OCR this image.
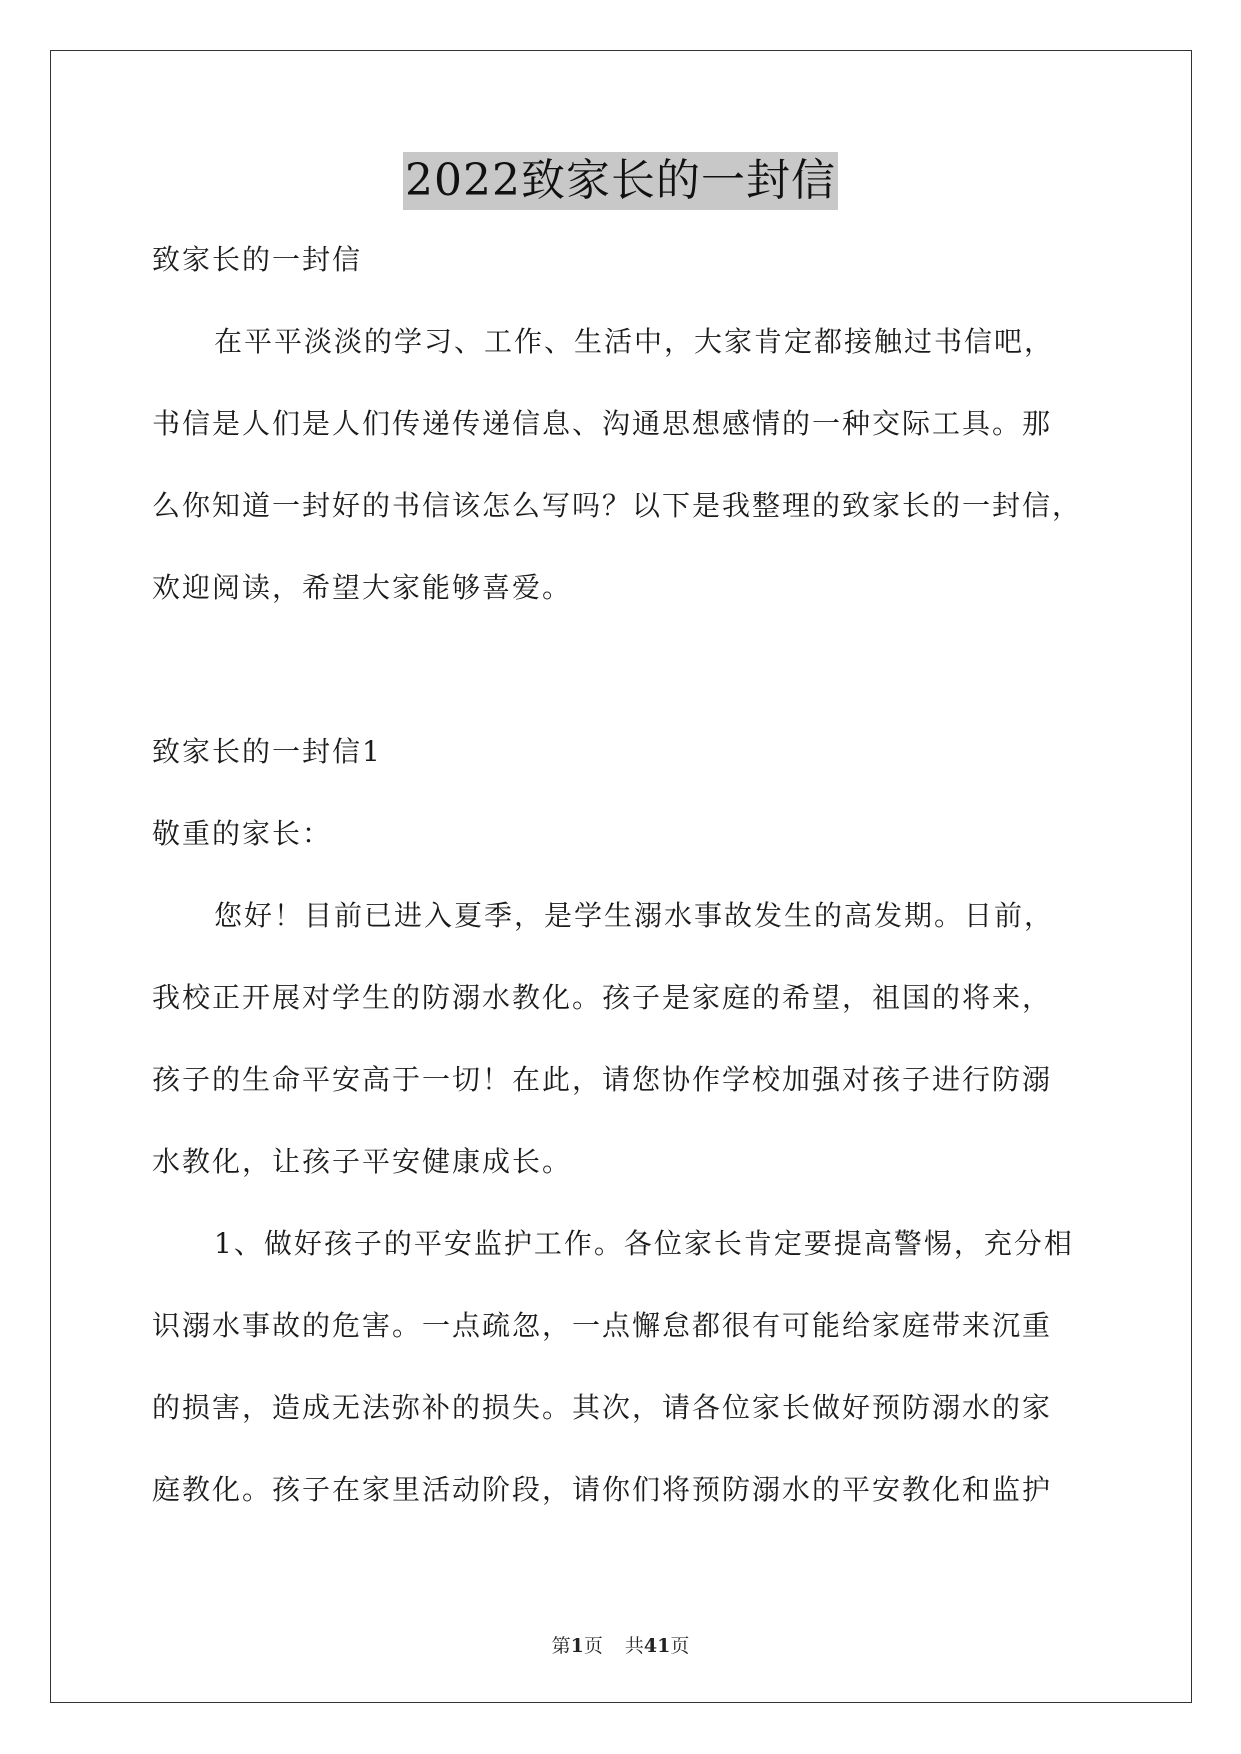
2022致家长的一封信
致家长的一封信
在平平淡淡的学习、工作、生活中，大家肯定都接触过书信吧，
书信是人们是人们传递传递信息、沟通思想感情的一种交际工具。那
么你知道一封好的书信该怎么写吗？以下是我整理的致家长的一封信，
欢迎阅读，希望大家能够喜爱。
致家长的一封信1
敬重的家长：
您好！目前已进入夏季，是学生溺水事故发生的高发期。日前，
我校正开展对学生的防溺水教化。孩子是家庭的希望，祖国的将来，
孩子的生命平安高于一切！在此，请您协作学校加强对孩子进行防溺
水教化，让孩子平安健康成长。
1、做好孩子的平安监护工作。各位家长肯定要提高警惕，充分相
识溺水事故的危害。一点疏忽，一点懈怠都很有可能给家庭带来沉重
的损害，造成无法弥补的损失。其次，请各位家长做好预防溺水的家
庭教化。孩子在家里活动阶段，请你们将预防溺水的平安教化和监护
第1页 共41页
